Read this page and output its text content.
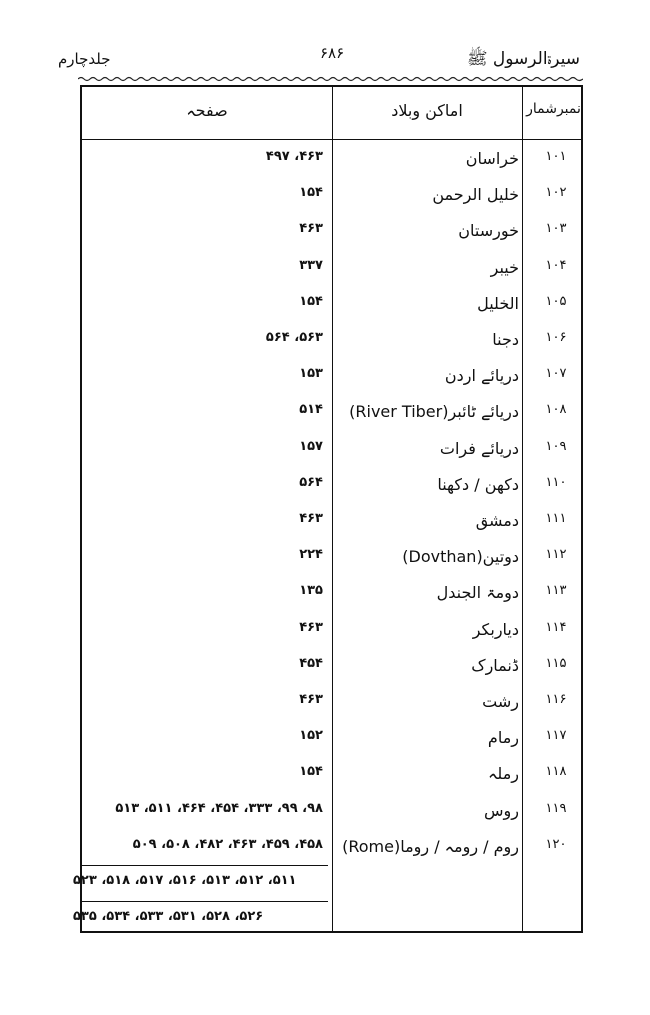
سیرۃالرسول ﷺ
۶۸۶
جلدچارم
نمبرشمار
اماکن وبلاد
صفحہ
۱۰۱
خراسان
۴۶۳، ۴۹۷
۱۰۲
خلیل الرحمن
۱۵۴
۱۰۳
خورستان
۴۶۳
۱۰۴
خیبر
۳۳۷
۱۰۵
الخلیل
۱۵۴
۱۰۶
دجنا
۵۶۳، ۵۶۴
۱۰۷
دریائے اردن
۱۵۳
۱۰۸
دریائے ٹائبر(River Tiber)
۵۱۴
۱۰۹
دریائے فرات
۱۵۷
۱۱۰
دکھن / دکھنا
۵۶۴
۱۱۱
دمشق
۴۶۳
۱۱۲
دوتین(Dovthan)
۲۲۴
۱۱۳
دومۃ الجندل
۱۳۵
۱۱۴
دیاربکر
۴۶۳
۱۱۵
ڈنمارک
۴۵۴
۱۱۶
رشت
۴۶۳
۱۱۷
رمام
۱۵۲
۱۱۸
رملہ
۱۵۴
۱۱۹
روس
۹۸، ۹۹، ۳۳۳، ۴۵۴، ۴۶۴، ۵۱۱، ۵۱۳
۱۲۰
روم / رومہ / روما(Rome)
۴۵۸، ۴۵۹، ۴۶۳، ۴۸۲، ۵۰۸، ۵۰۹
۵۱۱، ۵۱۲، ۵۱۳، ۵۱۶، ۵۱۷، ۵۱۸، ۵۲۳
۵۲۶، ۵۲۸، ۵۳۱، ۵۳۳، ۵۳۴، ۵۳۵
